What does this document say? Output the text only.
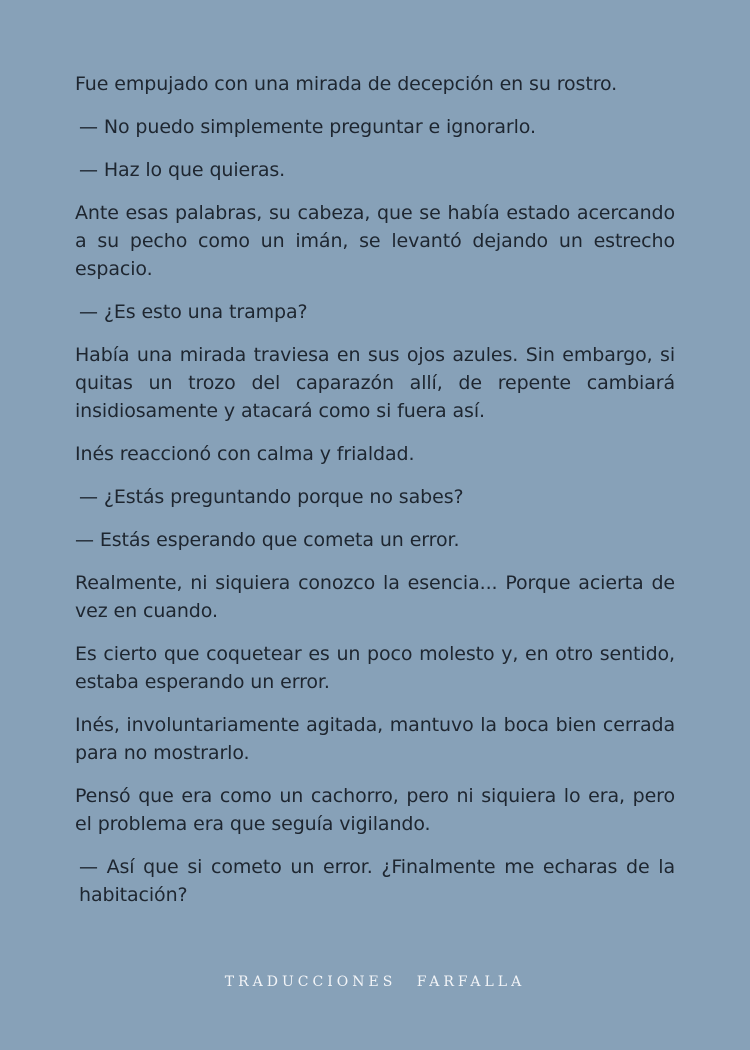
Fue empujado con una mirada de decepción en su rostro.

— No puedo simplemente preguntar e ignorarlo.

— Haz lo que quieras.

Ante esas palabras, su cabeza, que se había estado acercando a su pecho como un imán, se levantó dejando un estrecho espacio.

— ¿Es esto una trampa?

Había una mirada traviesa en sus ojos azules. Sin embargo, si quitas un trozo del caparazón allí, de repente cambiará insidiosamente y atacará como si fuera así.

Inés reaccionó con calma y frialdad.

— ¿Estás preguntando porque no sabes?

— Estás esperando que cometa un error.

Realmente, ni siquiera conozco la esencia... Porque acierta de vez en cuando.

Es cierto que coquetear es un poco molesto y, en otro sentido, estaba esperando un error.

Inés, involuntariamente agitada, mantuvo la boca bien cerrada para no mostrarlo.

Pensó que era como un cachorro, pero ni siquiera lo era, pero el problema era que seguía vigilando.

— Así que si cometo un error. ¿Finalmente me echaras de la habitación?

TRADUCCIONES FARFALLA
